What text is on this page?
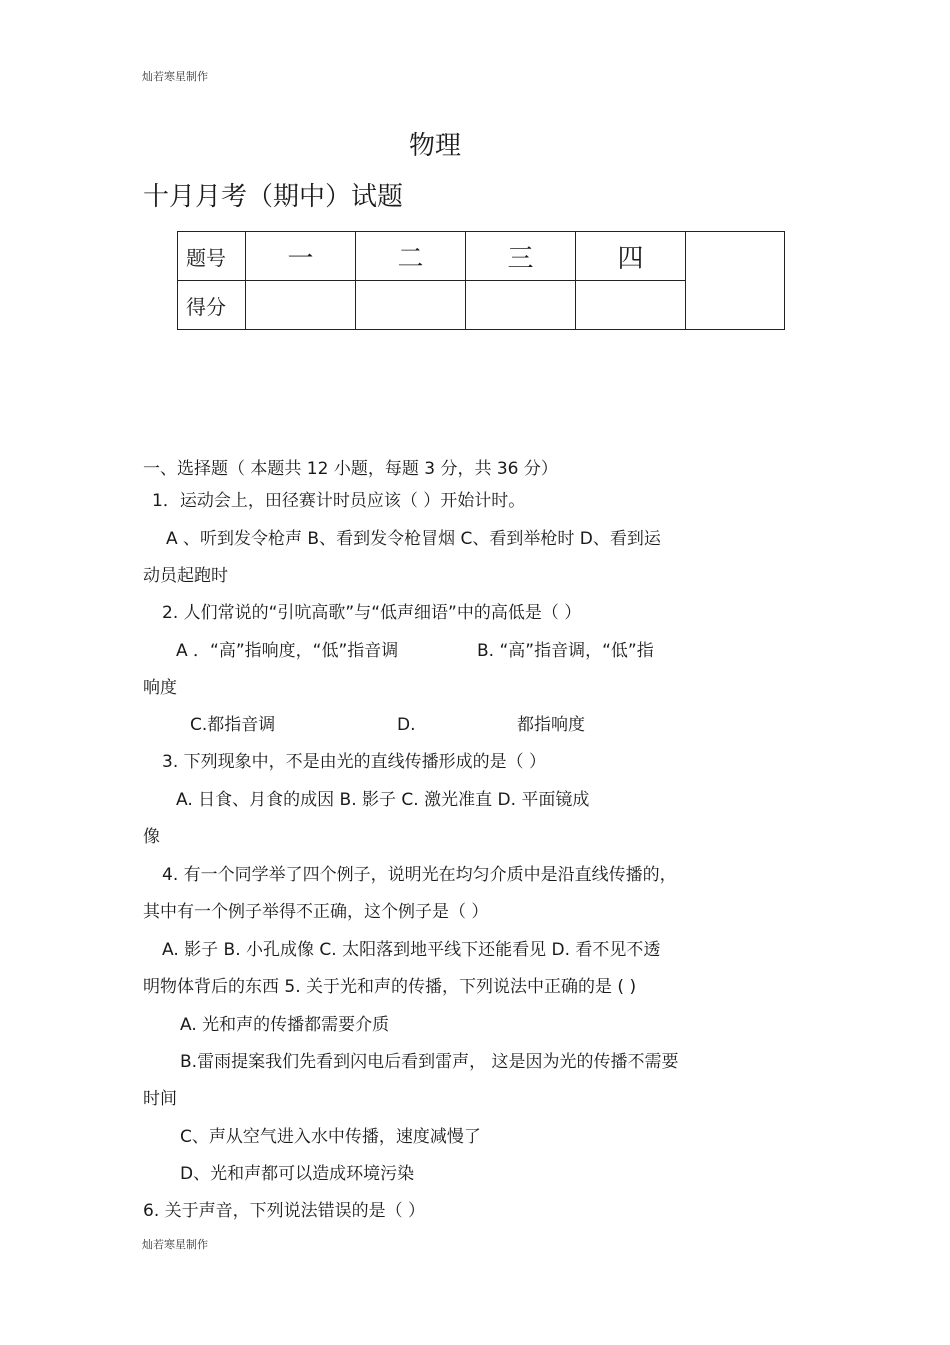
灿若寒星制作
物理
十月月考（期中）试题
题号	一	二	三	四	
得分					
一、选择题（ 本题共 12 小题，每题 3 分，共 36 分）
1．运动会上，田径赛计时员应该（ ）开始计时。
A 、听到发令枪声 B、看到发令枪冒烟 C、看到举枪时 D、看到运
动员起跑时
2. 人们常说的“引吭高歌”与“低声细语”中的高低是（ ）
A ．“高”指响度，“低”指音调	B. “高”指音调，“低”指
响度
C.都指音调	D.	都指响度
3. 下列现象中，不是由光的直线传播形成的是（ ）
A. 日食、月食的成因 B. 影子 C. 激光准直 D. 平面镜成
像
4. 有一个同学举了四个例子，说明光在均匀介质中是沿直线传播的，
其中有一个例子举得不正确，这个例子是（ ）
A. 影子 B. 小孔成像 C. 太阳落到地平线下还能看见 D. 看不见不透
明物体背后的东西 5. 关于光和声的传播，下列说法中正确的是 ( )
A. 光和声的传播都需要介质
B.雷雨提案我们先看到闪电后看到雷声， 这是因为光的传播不需要
时间
C、声从空气进入水中传播，速度减慢了
D、光和声都可以造成环境污染
6. 关于声音，下列说法错误的是（ ）
灿若寒星制作
